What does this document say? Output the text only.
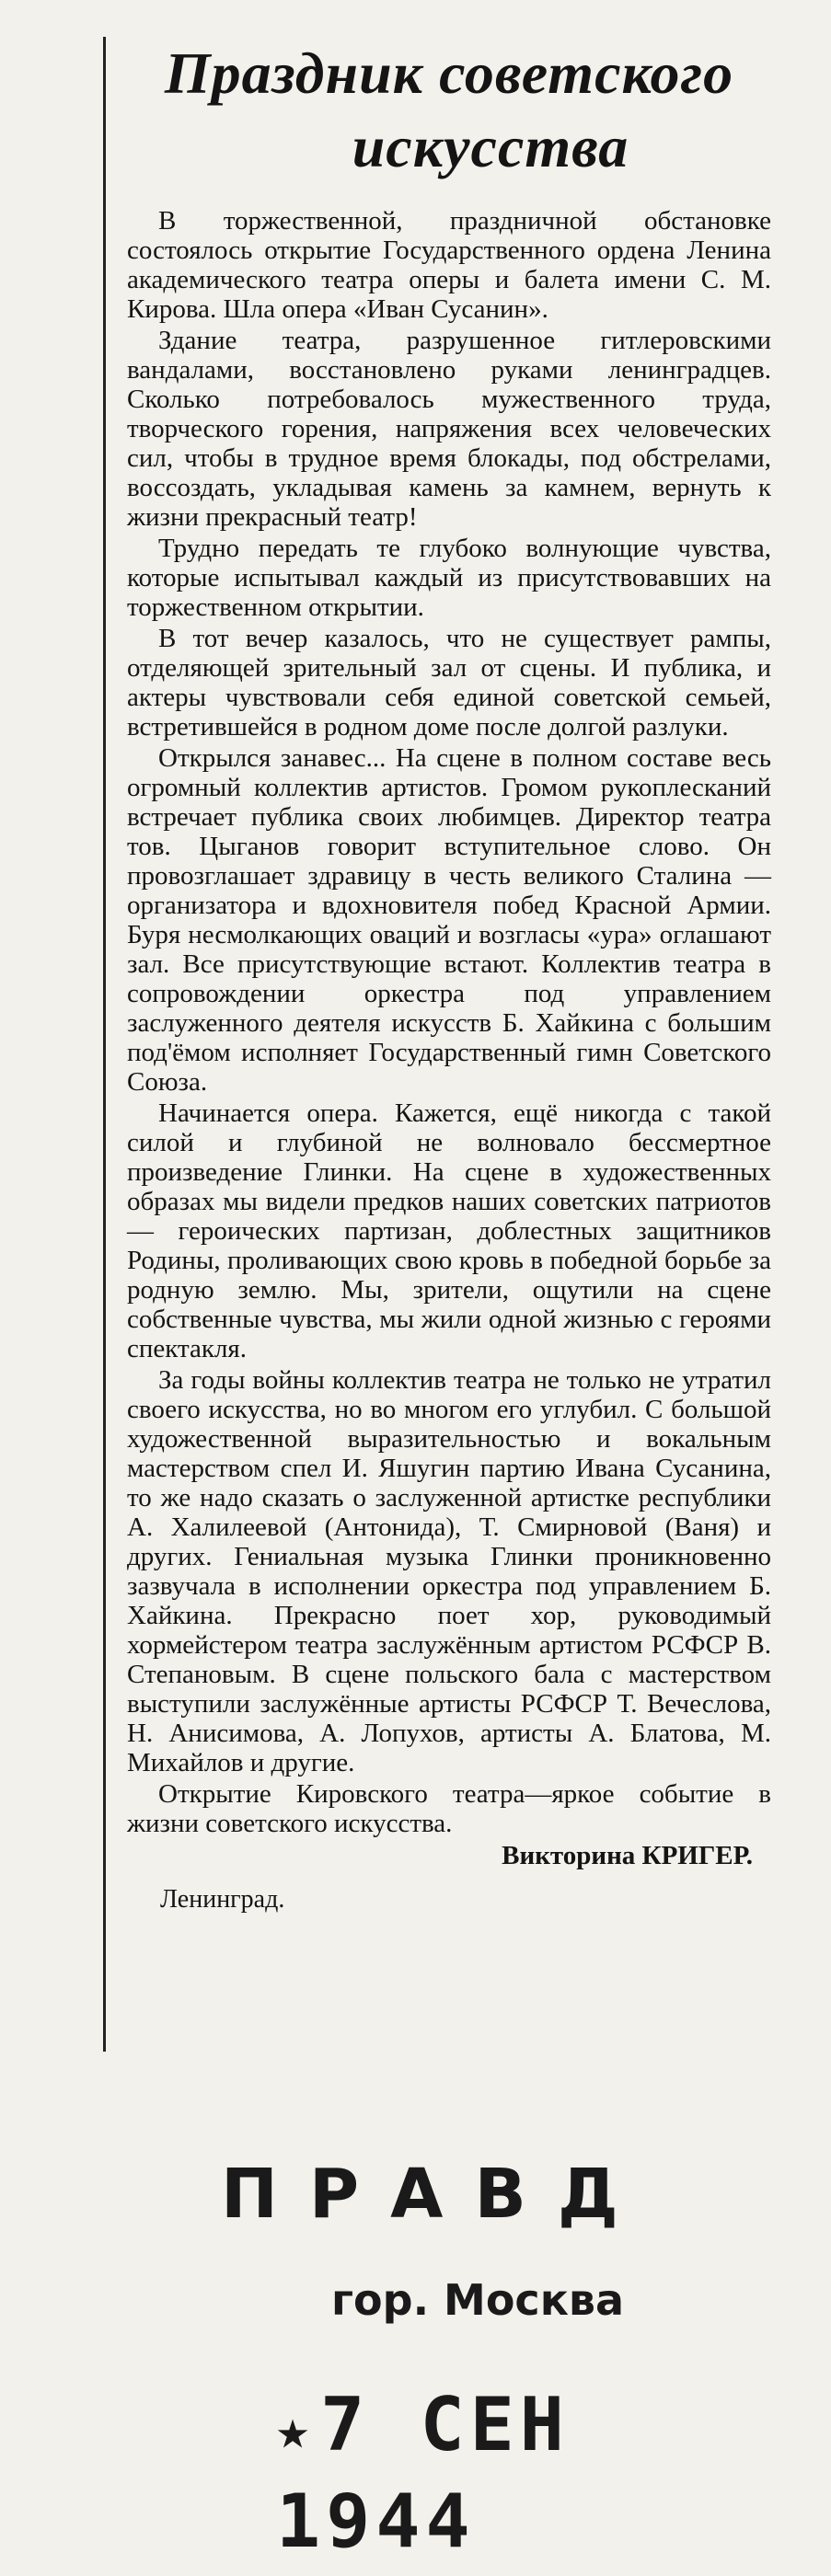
Праздник советского
искусства

В торжественной, праздничной обстановке состоялось открытие Государственного ордена Ленина академического театра оперы и балета имени С. М. Кирова. Шла опера «Иван Сусанин».

Здание театра, разрушенное гитлеровскими вандалами, восстановлено руками ленинградцев. Сколько потребовалось мужественного труда, творческого горения, напряжения всех человеческих сил, чтобы в трудное время блокады, под обстрелами, воссоздать, укладывая камень за камнем, вернуть к жизни прекрасный театр!

Трудно передать те глубоко волнующие чувства, которые испытывал каждый из присутствовавших на торжественном открытии.

В тот вечер казалось, что не существует рампы, отделяющей зрительный зал от сцены. И публика, и актеры чувствовали себя единой советской семьей, встретившейся в родном доме после долгой разлуки.

Открылся занавес... На сцене в полном составе весь огромный коллектив артистов. Громом рукоплесканий встречает публика своих любимцев. Директор театра тов. Цыганов говорит вступительное слово. Он провозглашает здравицу в честь великого Сталина — организатора и вдохновителя побед Красной Армии. Буря несмолкающих оваций и возгласы «ура» оглашают зал. Все присутствующие встают. Коллектив театра в сопровождении оркестра под управлением заслуженного деятеля искусств Б. Хайкина с большим под'ёмом исполняет Государственный гимн Советского Союза.

Начинается опера. Кажется, ещё никогда с такой силой и глубиной не волновало бессмертное произведение Глинки. На сцене в художественных образах мы видели предков наших советских патриотов — героических партизан, доблестных защитников Родины, проливающих свою кровь в победной борьбе за родную землю. Мы, зрители, ощутили на сцене собственные чувства, мы жили одной жизнью с героями спектакля.

За годы войны коллектив театра не только не утратил своего искусства, но во многом его углубил. С большой художественной выразительностью и вокальным мастерством спел И. Яшугин партию Ивана Сусанина, то же надо сказать о заслуженной артистке республики А. Халилеевой (Антонида), Т. Смирновой (Ваня) и других. Гениальная музыка Глинки проникновенно зазвучала в исполнении оркестра под управлением Б. Хайкина. Прекрасно поет хор, руководимый хормейстером театра заслужённым артистом РСФСР В. Степановым. В сцене польского бала с мастерством выступили заслужённые артисты РСФСР Т. Вечеслова, Н. Анисимова, А. Лопухов, артисты А. Блатова, М. Михайлов и другие.

Открытие Кировского театра—яркое событие в жизни советского искусства.

Викторина КРИГЕР.
Ленинград.
ПРАВД
гор. Москва
★7 СЕН 1944
